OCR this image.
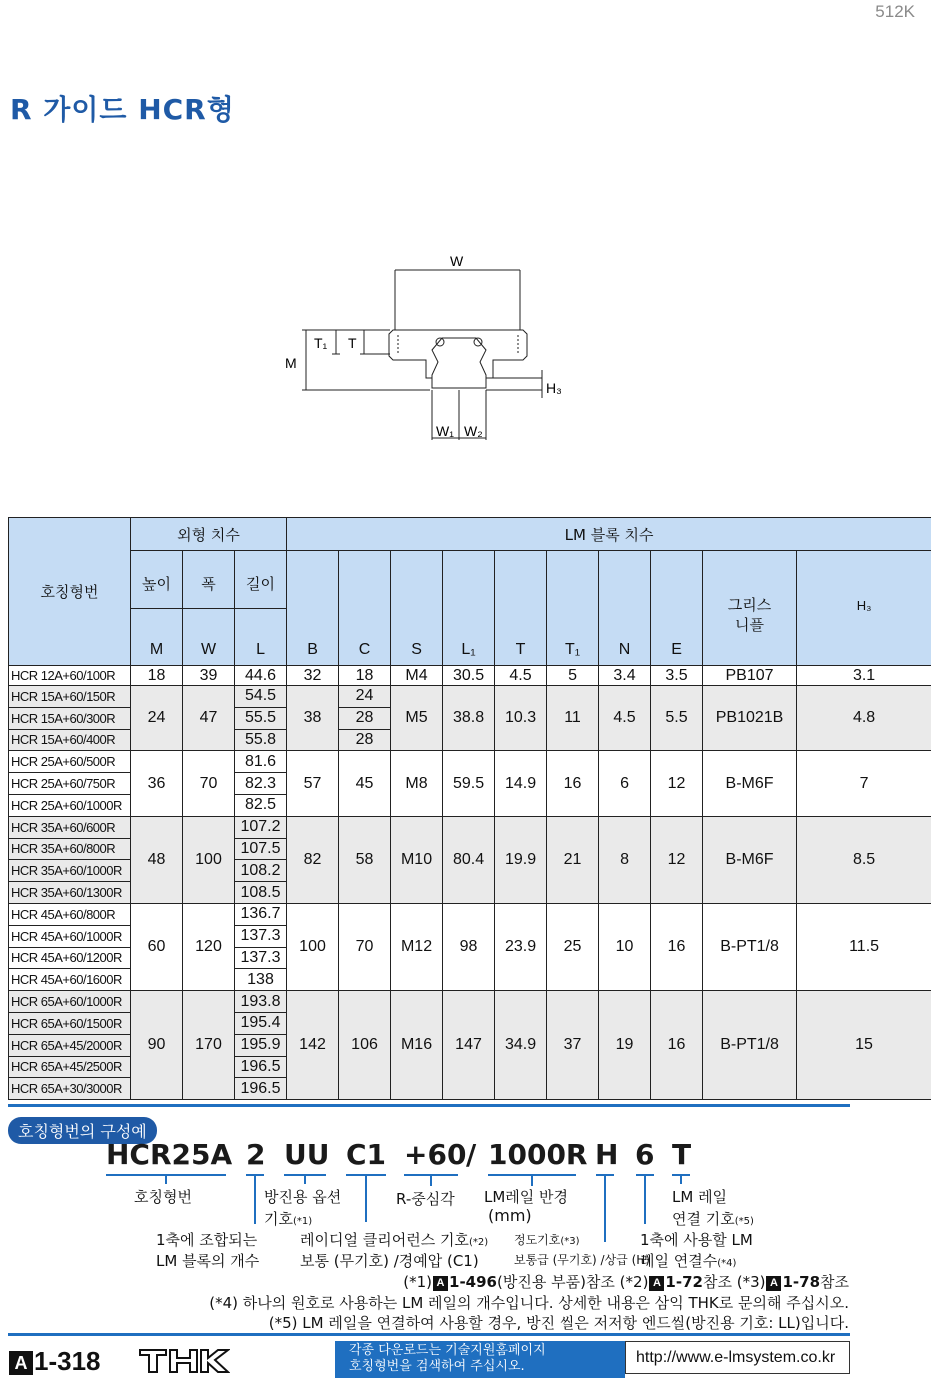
512K
R 가이드 HCR형
W
M
T₁ T
H₃
W₁ W₂
호칭형번	외형 치수			LM 블록 치수									
	높이	폭	길이	B	C	S	L₁	T	T₁	N	E	그리스 니플	H₃
	M	W	L										
HCR 12A+60/100R	18	39	44.6	32	18	M4	30.5	4.5	5	3.4	3.5	PB107	3.1
HCR 15A+60/150R	24	47	54.5	38	24	M5	38.8	10.3	11	4.5	5.5	PB1021B	4.8
HCR 15A+60/300R			55.5		28								
HCR 15A+60/400R			55.8		28								
HCR 25A+60/500R	36	70	81.6	57	45	M8	59.5	14.9	16	6	12	B-M6F	7
HCR 25A+60/750R			82.3										
HCR 25A+60/1000R			82.5										
HCR 35A+60/600R	48	100	107.2	82	58	M10	80.4	19.9	21	8	12	B-M6F	8.5
HCR 35A+60/800R			107.5										
HCR 35A+60/1000R			108.2										
HCR 35A+60/1300R			108.5										
HCR 45A+60/800R	60	120	136.7	100	70	M12	98	23.9	25	10	16	B-PT1/8	11.5
HCR 45A+60/1000R			137.3										
HCR 45A+60/1200R			137.3										
HCR 45A+60/1600R			138										
HCR 65A+60/1000R	90	170	193.8	142	106	M16	147	34.9	37	19	16	B-PT1/8	15
HCR 65A+60/1500R			195.4										
HCR 65A+45/2000R			195.9										
HCR 65A+45/2500R			196.5										
HCR 65A+30/3000R			196.5										
호칭형번의 구성예
HCR25A 2 UU C1 +60 / 1000R H 6 T
호칭형번	방진용 옵션
기호(*1)
R-중심각 LM레일 반경
(mm)
LM 레일
연결 기호(*5)
1축에 조합되는
LM 블록의 개수
레이디얼 클리어런스 기호(*2)
보통 (무기호) /경예압 (C1)
정도기호(*3)
보통급 (무기호) /상급 (H)
1축에 사용할 LM
레일 연결수(*4)
(*1) A 1-496(방진용 부품)참조 (*2) A 1-72참조 (*3) A 1-78참조
(*4) 하나의 원호로 사용하는 LM 레일의 개수입니다. 상세한 내용은 삼익 THK로 문의해 주십시오.
(*5) LM 레일을 연결하여 사용할 경우, 방진 씰은 저저항 엔드씰(방진용 기호: LL)입니다.
A 1-318	각종 다운로드는 기술지원홈페이지
호칭형번을 검색하여 주십시오.
http://www.e-lmsystem.co.kr
